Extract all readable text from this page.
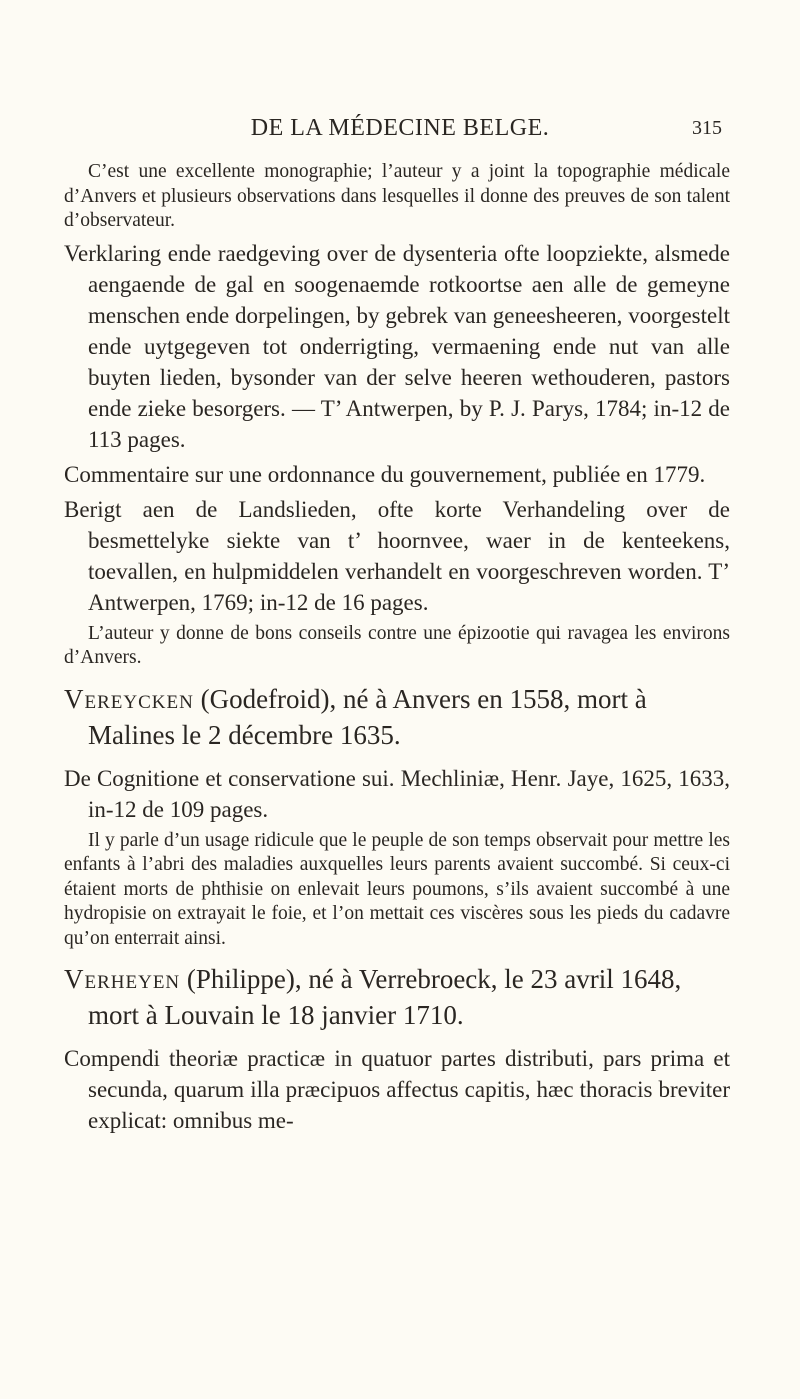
DE LA MÉDECINE BELGE.	315

C’est une excellente monographie; l’auteur y a joint la topographie médicale d’Anvers et plusieurs observations dans lesquelles il donne des preuves de son talent d’observateur.

Verklaring ende raedgeving over de dysenteria ofte loopziekte, alsmede aengaende de gal en soogenaemde rotkoortse aen alle de gemeyne menschen ende dorpelingen, by gebrek van geneesheeren, voorgestelt ende uytgegeven tot onderrigting, vermaening ende nut van alle buyten lieden, bysonder van der selve heeren wethouderen, pastors ende zieke besorgers. — T’ Antwerpen, by P. J. Parys, 1784; in-12 de 113 pages.

Commentaire sur une ordonnance du gouvernement, publiée en 1779.

Berigt aen de Landslieden, ofte korte Verhandeling over de besmettelyke siekte van t’ hoornvee, waer in de kenteekens, toevallen, en hulpmiddelen verhandelt en voorgeschreven worden. T’ Antwerpen, 1769; in-12 de 16 pages.

L’auteur y donne de bons conseils contre une épizootie qui ravagea les environs d’Anvers.

Vereycken (Godefroid), né à Anvers en 1558, mort à Malines le 2 décembre 1635.

De Cognitione et conservatione sui. Mechliniæ, Henr. Jaye, 1625, 1633, in-12 de 109 pages.

Il y parle d’un usage ridicule que le peuple de son temps observait pour mettre les enfants à l’abri des maladies auxquelles leurs parents avaient succombé. Si ceux-ci étaient morts de phthisie on enlevait leurs poumons, s’ils avaient succombé à une hydropisie on extrayait le foie, et l’on mettait ces viscères sous les pieds du cadavre qu’on enterrait ainsi.

Verheyen (Philippe), né à Verrebroeck, le 23 avril 1648, mort à Louvain le 18 janvier 1710.

Compendi theoriæ practicæ in quatuor partes distributi, pars prima et secunda, quarum illa præcipuos affectus capitis, hæc thoracis breviter explicat: omnibus me-
